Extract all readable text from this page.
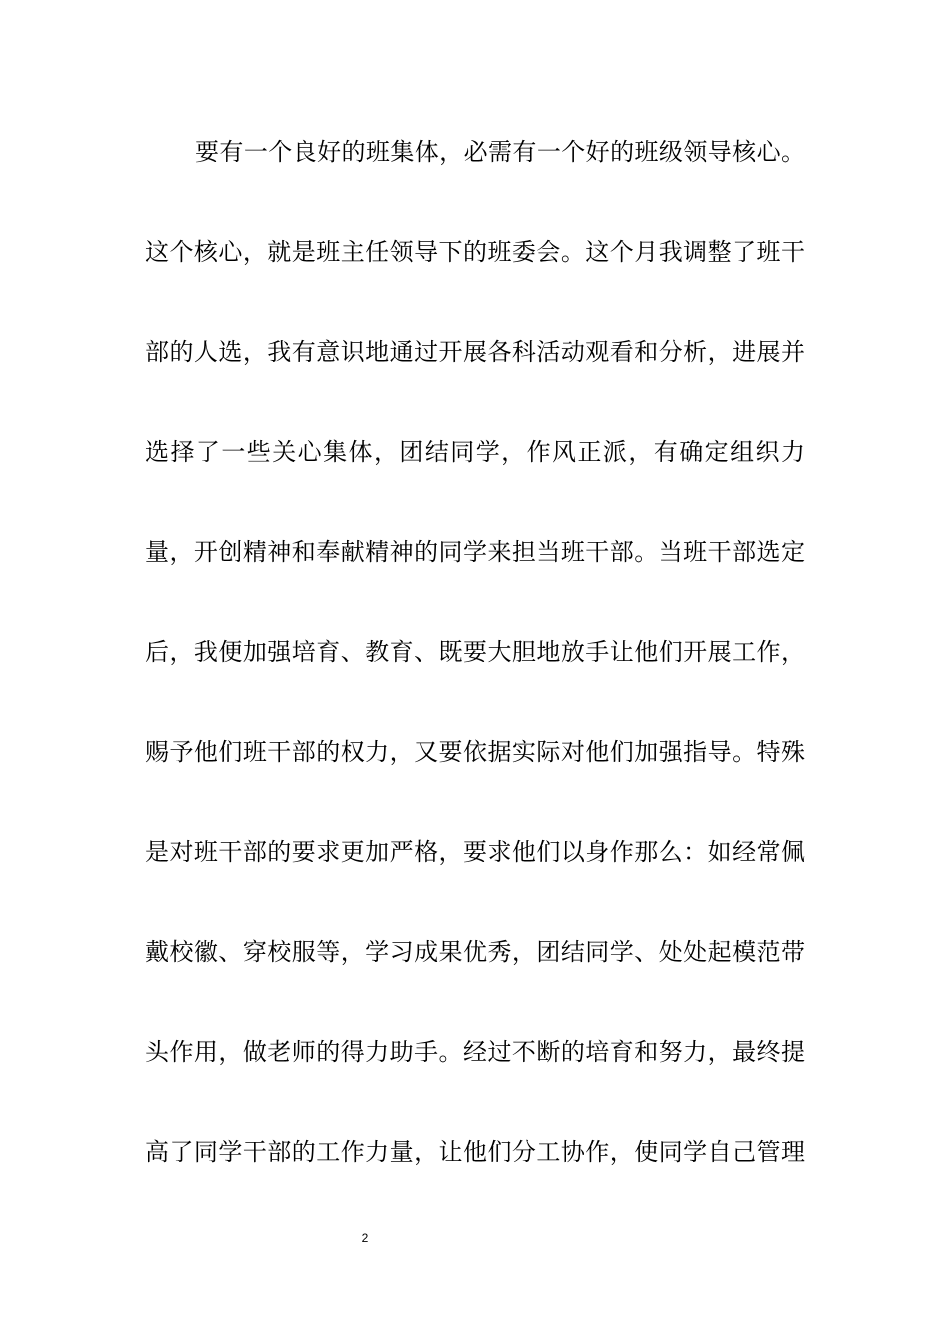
要有一个良好的班集体，必需有一个好的班级领导核心。
这个核心，就是班主任领导下的班委会。这个月我调整了班干
部的人选，我有意识地通过开展各科活动观看和分析，进展并
选择了一些关心集体，团结同学，作风正派，有确定组织力
量，开创精神和奉献精神的同学来担当班干部。当班干部选定
后，我便加强培育、教育、既要大胆地放手让他们开展工作，
赐予他们班干部的权力，又要依据实际对他们加强指导。特殊
是对班干部的要求更加严格，要求他们以身作那么：如经常佩
戴校徽、穿校服等，学习成果优秀，团结同学、处处起模范带
头作用，做老师的得力助手。经过不断的培育和努力，最终提
高了同学干部的工作力量，让他们分工协作，使同学自己管理
2
